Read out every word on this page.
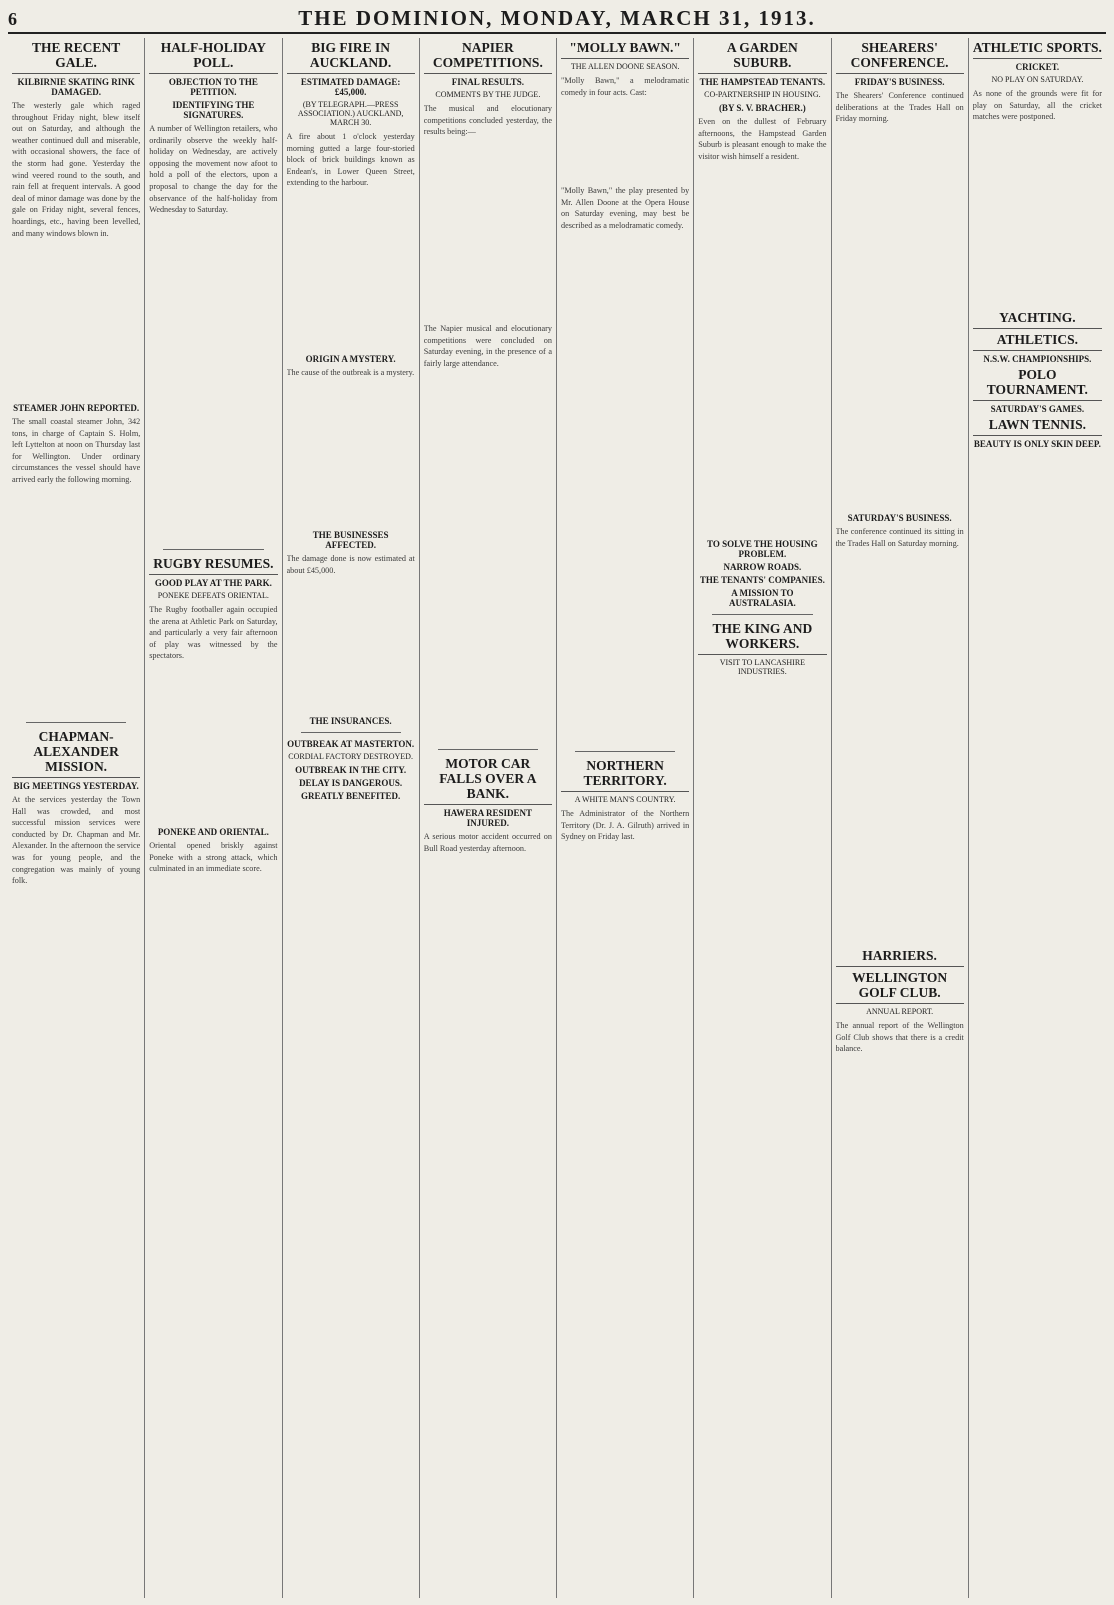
6	THE DOMINION, MONDAY, MARCH 31, 1913.
THE RECENT GALE.
KILBIRNIE SKATING RINK DAMAGED.
The westerly gale which raged throughout Friday night, blew itself out on Saturday, and although the weather continued dull and miserable, with occasional showers, the face of the storm had gone. Yesterday the wind veered round to the south, and rain fell at frequent intervals. A good deal of minor damage was done by the gale on Friday night, several fences, hoardings, etc., having been levelled, and many windows blown in.
STEAMER JOHN REPORTED.
The small coastal steamer John, 342 tons, in charge of Captain S. Holm, left Lyttelton at noon on Thursday last for Wellington. Under ordinary circumstances the vessel should have arrived early the following morning.
CHAPMAN-ALEXANDER MISSION.
BIG MEETINGS YESTERDAY.
At the services yesterday the Town Hall was crowded, and most successful mission services were conducted by Dr. Chapman and Mr. Alexander. In the afternoon the service was for young people, and the congregation was mainly of young folk.
HALF-HOLIDAY POLL.
OBJECTION TO THE PETITION.
IDENTIFYING THE SIGNATURES.
A number of Wellington retailers, who ordinarily observe the weekly half-holiday on Wednesday, are actively opposing the movement now afoot to hold a poll of the electors, upon a proposal to change the day for the observance of the half-holiday from Wednesday to Saturday.
RUGBY RESUMES.
GOOD PLAY AT THE PARK.
PONEKE DEFEATS ORIENTAL.
The Rugby footballer again occupied the arena at Athletic Park on Saturday, and particularly a very fair afternoon of play was witnessed by the spectators.
PONEKE AND ORIENTAL.
Oriental opened briskly against Poneke with a strong attack, which culminated in an immediate score.
BIG FIRE IN AUCKLAND.
ESTIMATED DAMAGE: £45,000.
(BY TELEGRAPH.—PRESS ASSOCIATION.) AUCKLAND, MARCH 30.
A fire about 1 o'clock yesterday morning gutted a large four-storied block of brick buildings known as Endean's, in Lower Queen Street, extending to the harbour.
ORIGIN A MYSTERY.
The cause of the outbreak is a mystery.
THE BUSINESSES AFFECTED.
The damage done is now estimated at about £45,000.
THE INSURANCES.
OUTBREAK AT MASTERTON.
CORDIAL FACTORY DESTROYED.
OUTBREAK IN THE CITY.
DELAY IS DANGEROUS.
GREATLY BENEFITED.
NAPIER COMPETITIONS.
FINAL RESULTS.
COMMENTS BY THE JUDGE.
The musical and elocutionary competitions concluded yesterday, the results being:—
The Napier musical and elocutionary competitions were concluded on Saturday evening, in the presence of a fairly large attendance.
MOTOR CAR FALLS OVER A BANK.
HAWERA RESIDENT INJURED.
A serious motor accident occurred on Bull Road yesterday afternoon.
"MOLLY BAWN."
THE ALLEN DOONE SEASON.
"Molly Bawn," a melodramatic comedy in four acts. Cast:
"Molly Bawn," the play presented by Mr. Allen Doone at the Opera House on Saturday evening, may best be described as a melodramatic comedy.
NORTHERN TERRITORY.
A WHITE MAN'S COUNTRY.
The Administrator of the Northern Territory (Dr. J. A. Gilruth) arrived in Sydney on Friday last.
A GARDEN SUBURB.
THE HAMPSTEAD TENANTS.
CO-PARTNERSHIP IN HOUSING.
(BY S. V. BRACHER.)
Even on the dullest of February afternoons, the Hampstead Garden Suburb is pleasant enough to make the visitor wish himself a resident.
TO SOLVE THE HOUSING PROBLEM.
NARROW ROADS.
THE TENANTS' COMPANIES.
A MISSION TO AUSTRALASIA.
THE KING AND WORKERS.
VISIT TO LANCASHIRE INDUSTRIES.
SHEARERS' CONFERENCE.
FRIDAY'S BUSINESS.
The Shearers' Conference continued deliberations at the Trades Hall on Friday morning.
SATURDAY'S BUSINESS.
The conference continued its sitting in the Trades Hall on Saturday morning.
HARRIERS.
WELLINGTON GOLF CLUB.
ANNUAL REPORT.
The annual report of the Wellington Golf Club shows that there is a credit balance.
ATHLETIC SPORTS.
CRICKET.
NO PLAY ON SATURDAY.
As none of the grounds were fit for play on Saturday, all the cricket matches were postponed.
YACHTING.
ATHLETICS.
N.S.W. CHAMPIONSHIPS.
POLO TOURNAMENT.
SATURDAY'S GAMES.
LAWN TENNIS.
BEAUTY IS ONLY SKIN DEEP.
